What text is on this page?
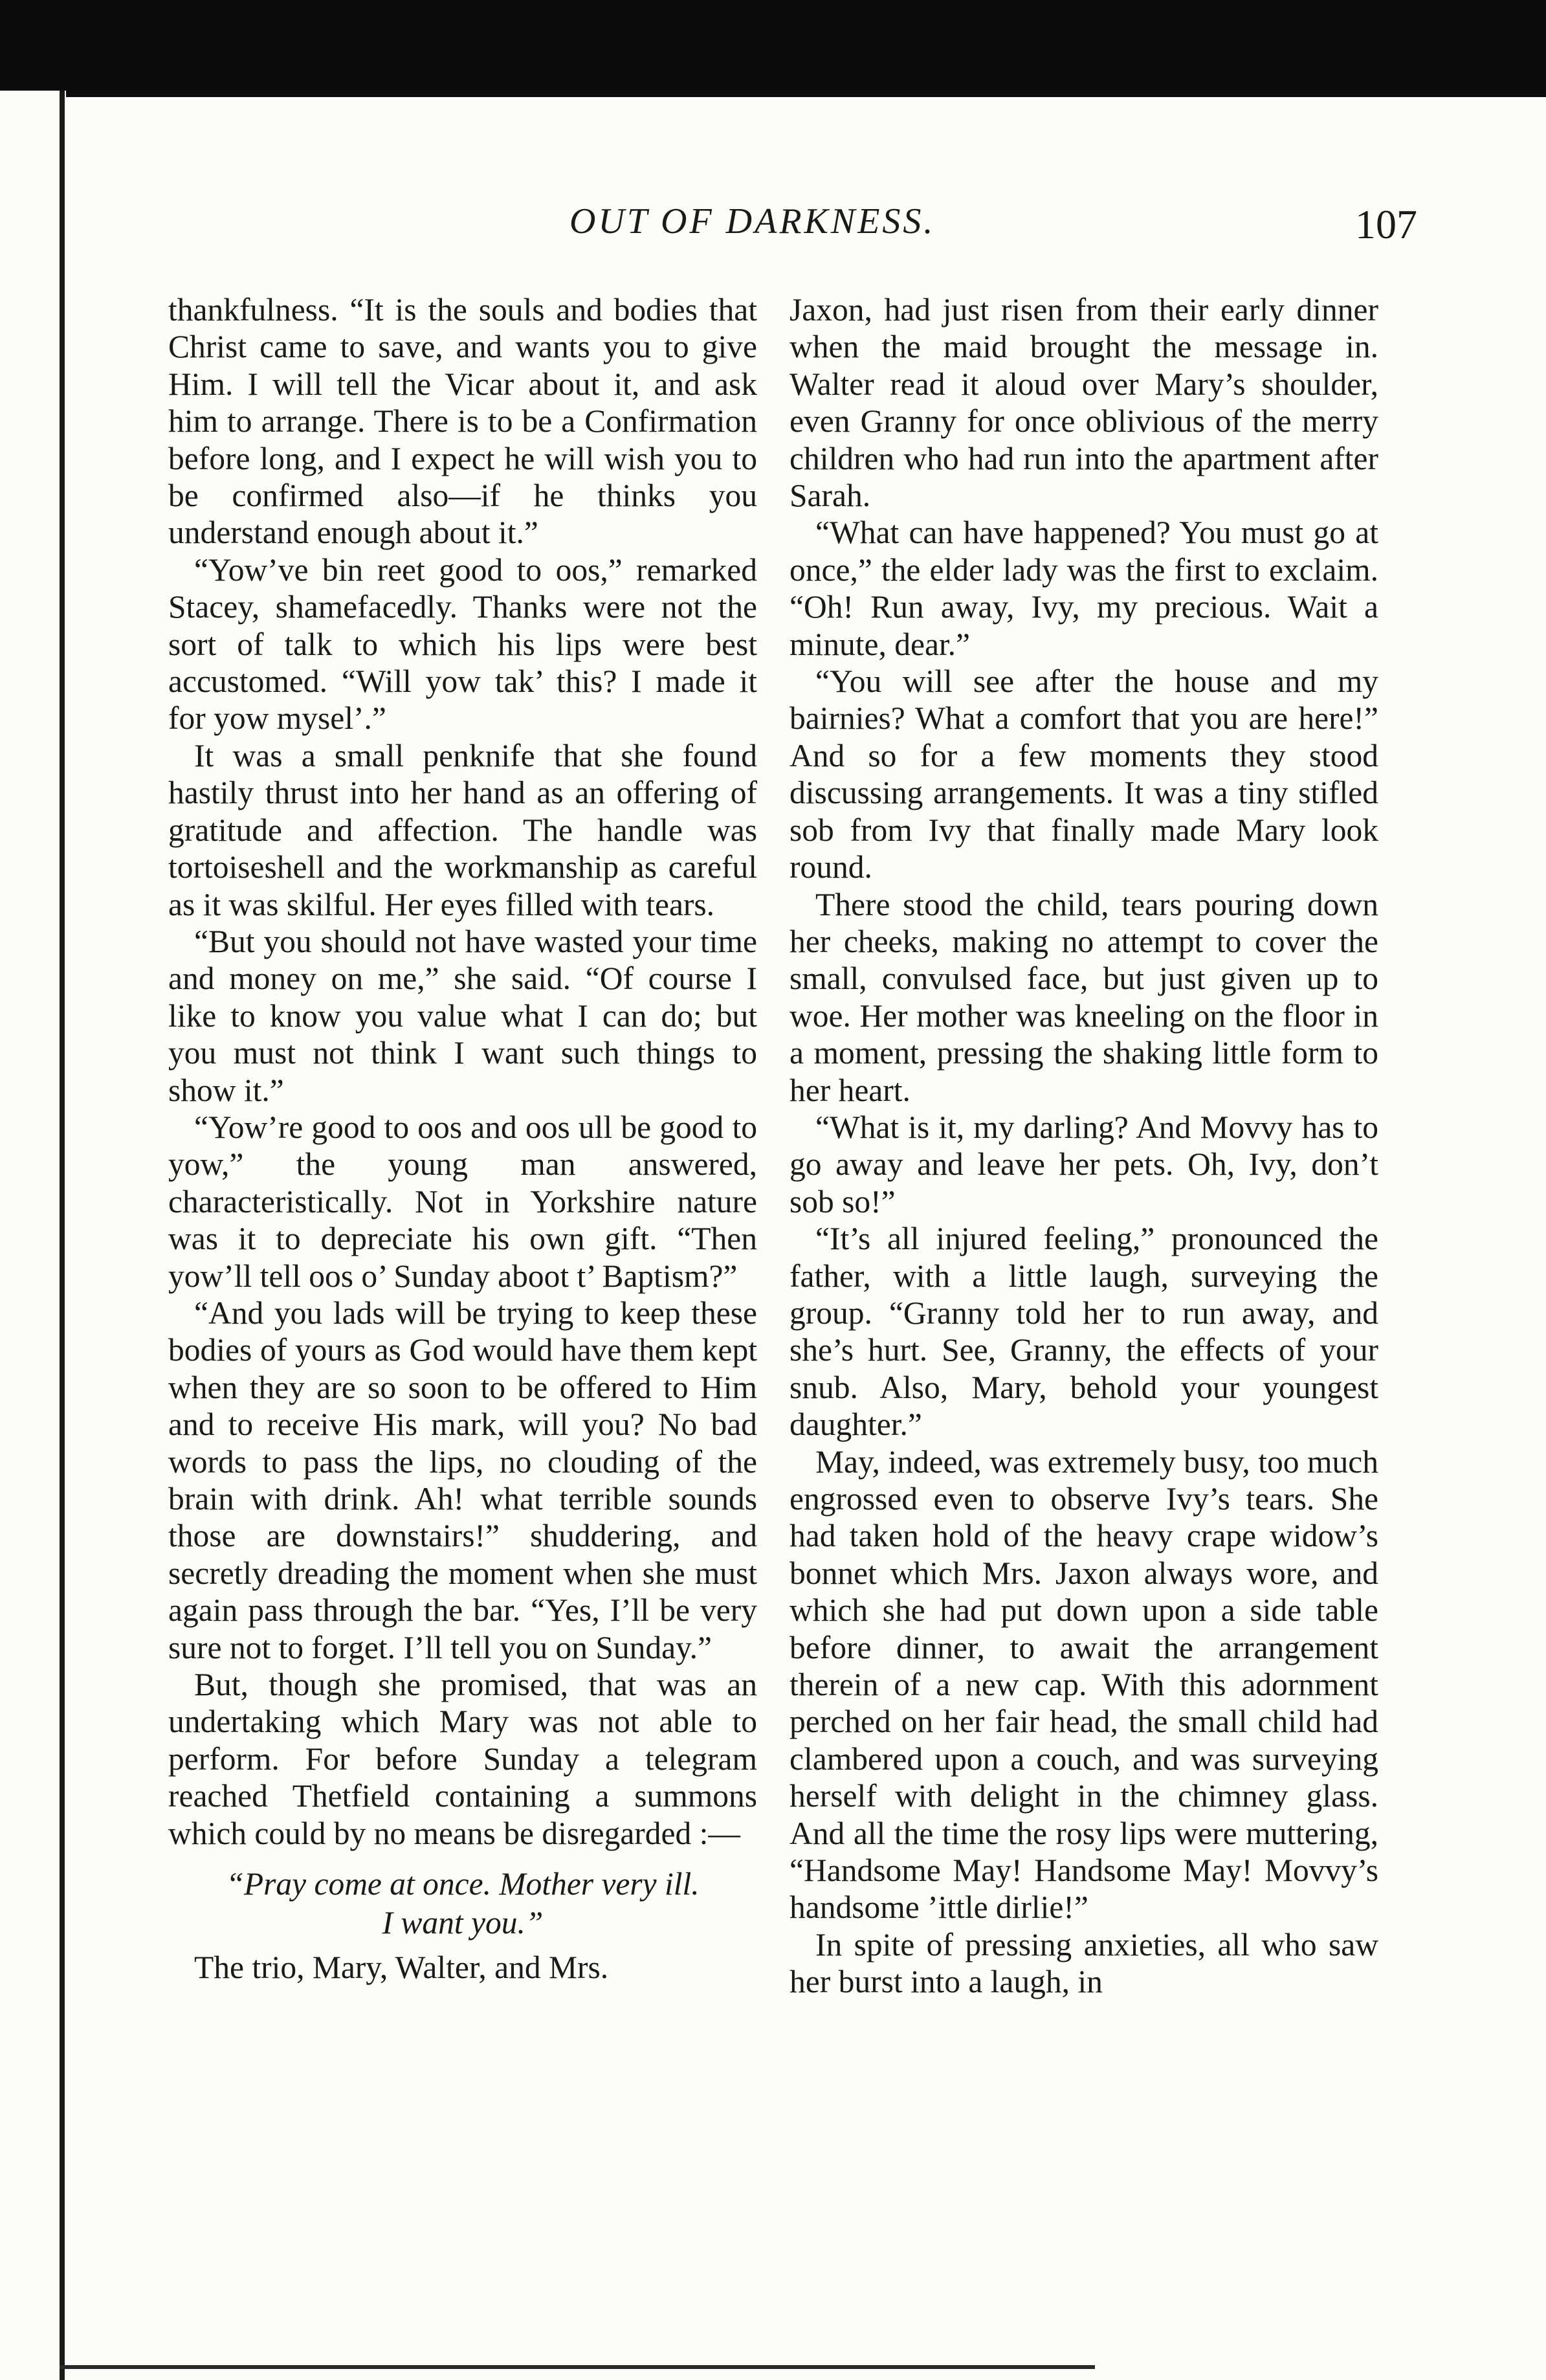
OUT OF DARKNESS.	107

thankfulness. “It is the souls and bodies that Christ came to save, and wants you to give Him. I will tell the Vicar about it, and ask him to arrange. There is to be a Confirmation before long, and I expect he will wish you to be confirmed also—if he thinks you understand enough about it.”

“Yow’ve bin reet good to oos,” remarked Stacey, shamefacedly. Thanks were not the sort of talk to which his lips were best accustomed. “Will yow tak’ this? I made it for yow mysel’.”

It was a small penknife that she found hastily thrust into her hand as an offering of gratitude and affection. The handle was tortoiseshell and the workmanship as careful as it was skilful. Her eyes filled with tears.

“But you should not have wasted your time and money on me,” she said. “Of course I like to know you value what I can do; but you must not think I want such things to show it.”

“Yow’re good to oos and oos ull be good to yow,” the young man answered, characteristically. Not in Yorkshire nature was it to depreciate his own gift. “Then yow’ll tell oos o’ Sunday aboot t’ Baptism?”

“And you lads will be trying to keep these bodies of yours as God would have them kept when they are so soon to be offered to Him and to receive His mark, will you? No bad words to pass the lips, no clouding of the brain with drink. Ah! what terrible sounds those are downstairs!” shuddering, and secretly dreading the moment when she must again pass through the bar. “Yes, I’ll be very sure not to forget. I’ll tell you on Sunday.”

But, though she promised, that was an undertaking which Mary was not able to perform. For before Sunday a telegram reached Thetfield containing a summons which could by no means be disregarded :—

“Pray come at once. Mother very ill.
I want you.”

The trio, Mary, Walter, and Mrs.

Jaxon, had just risen from their early dinner when the maid brought the message in. Walter read it aloud over Mary’s shoulder, even Granny for once oblivious of the merry children who had run into the apartment after Sarah.

“What can have happened? You must go at once,” the elder lady was the first to exclaim. “Oh! Run away, Ivy, my precious. Wait a minute, dear.”

“You will see after the house and my bairnies? What a comfort that you are here!” And so for a few moments they stood discussing arrangements. It was a tiny stifled sob from Ivy that finally made Mary look round.

There stood the child, tears pouring down her cheeks, making no attempt to cover the small, convulsed face, but just given up to woe. Her mother was kneeling on the floor in a moment, pressing the shaking little form to her heart.

“What is it, my darling? And Movvy has to go away and leave her pets. Oh, Ivy, don’t sob so!”

“It’s all injured feeling,” pronounced the father, with a little laugh, surveying the group. “Granny told her to run away, and she’s hurt. See, Granny, the effects of your snub. Also, Mary, behold your youngest daughter.”

May, indeed, was extremely busy, too much engrossed even to observe Ivy’s tears. She had taken hold of the heavy crape widow’s bonnet which Mrs. Jaxon always wore, and which she had put down upon a side table before dinner, to await the arrangement therein of a new cap. With this adornment perched on her fair head, the small child had clambered upon a couch, and was surveying herself with delight in the chimney glass. And all the time the rosy lips were muttering, “Handsome May! Handsome May! Movvy’s handsome ’ittle dirlie!”

In spite of pressing anxieties, all who saw her burst into a laugh, in
